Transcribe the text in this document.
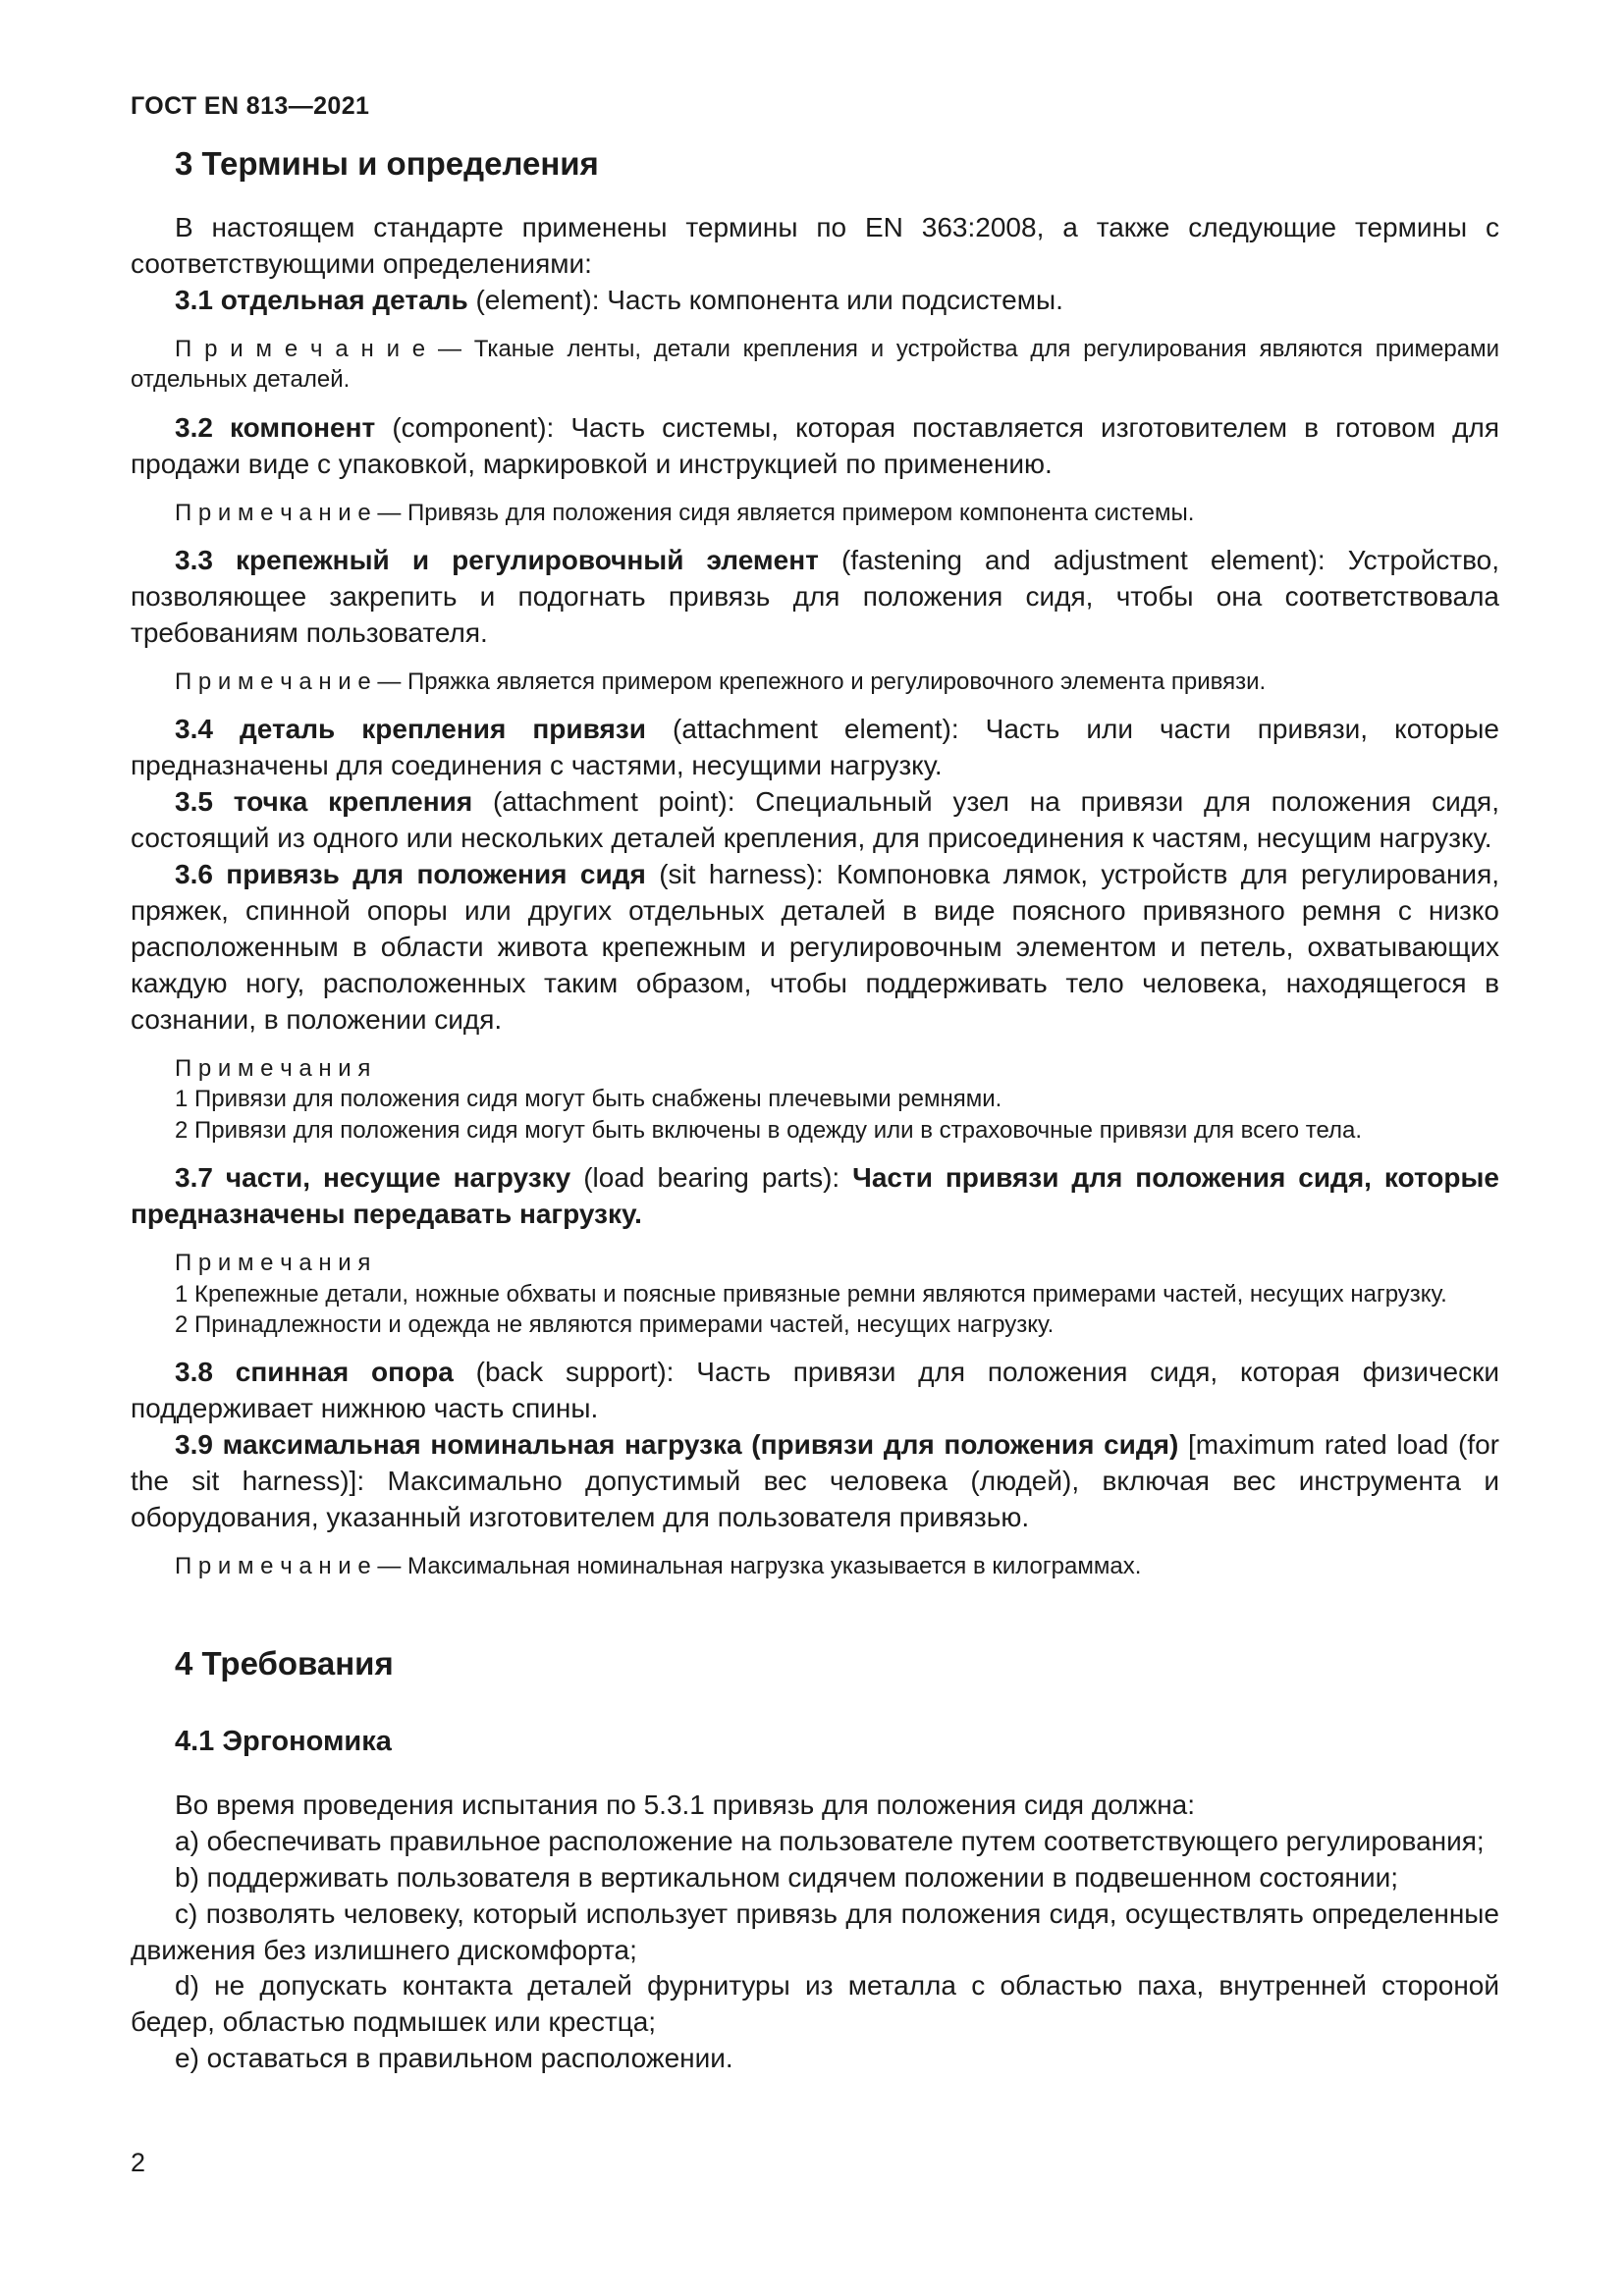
ГОСТ EN 813—2021
3 Термины и определения

В настоящем стандарте применены термины по EN 363:2008, а также следующие термины с соответствующими определениями:

3.1 отдельная деталь (element): Часть компонента или подсистемы.

П р и м е ч а н и е — Тканые ленты, детали крепления и устройства для регулирования являются примерами отдельных деталей.

3.2 компонент (component): Часть системы, которая поставляется изготовителем в готовом для продажи виде с упаковкой, маркировкой и инструкцией по применению.

П р и м е ч а н и е — Привязь для положения сидя является примером компонента системы.

3.3 крепежный и регулировочный элемент (fastening and adjustment element): Устройство, позволяющее закрепить и подогнать привязь для положения сидя, чтобы она соответствовала требованиям пользователя.

П р и м е ч а н и е — Пряжка является примером крепежного и регулировочного элемента привязи.

3.4 деталь крепления привязи (attachment element): Часть или части привязи, которые предназначены для соединения с частями, несущими нагрузку.

3.5 точка крепления (attachment point): Специальный узел на привязи для положения сидя, состоящий из одного или нескольких деталей крепления, для присоединения к частям, несущим нагрузку.

3.6 привязь для положения сидя (sit harness): Компоновка лямок, устройств для регулирования, пряжек, спинной опоры или других отдельных деталей в виде поясного привязного ремня с низко расположенным в области живота крепежным и регулировочным элементом и петель, охватывающих каждую ногу, расположенных таким образом, чтобы поддерживать тело человека, находящегося в сознании, в положении сидя.

П р и м е ч а н и я

1 Привязи для положения сидя могут быть снабжены плечевыми ремнями.

2 Привязи для положения сидя могут быть включены в одежду или в страховочные привязи для всего тела.

3.7 части, несущие нагрузку (load bearing parts): Части привязи для положения сидя, которые предназначены передавать нагрузку.

П р и м е ч а н и я

1 Крепежные детали, ножные обхваты и поясные привязные ремни являются примерами частей, несущих нагрузку.

2 Принадлежности и одежда не являются примерами частей, несущих нагрузку.

3.8 спинная опора (back support): Часть привязи для положения сидя, которая физически поддерживает нижнюю часть спины.

3.9 максимальная номинальная нагрузка (привязи для положения сидя) [maximum rated load (for the sit harness)]: Максимально допустимый вес человека (людей), включая вес инструмента и оборудования, указанный изготовителем для пользователя привязью.

П р и м е ч а н и е — Максимальная номинальная нагрузка указывается в килограммах.

4 Требования
4.1 Эргономика

Во время проведения испытания по 5.3.1 привязь для положения сидя должна:

a) обеспечивать правильное расположение на пользователе путем соответствующего регулирования;

b) поддерживать пользователя в вертикальном сидячем положении в подвешенном состоянии;

c) позволять человеку, который использует привязь для положения сидя, осуществлять определенные движения без излишнего дискомфорта;

d) не допускать контакта деталей фурнитуры из металла с областью паха, внутренней стороной бедер, областью подмышек или крестца;

e) оставаться в правильном расположении.

2
